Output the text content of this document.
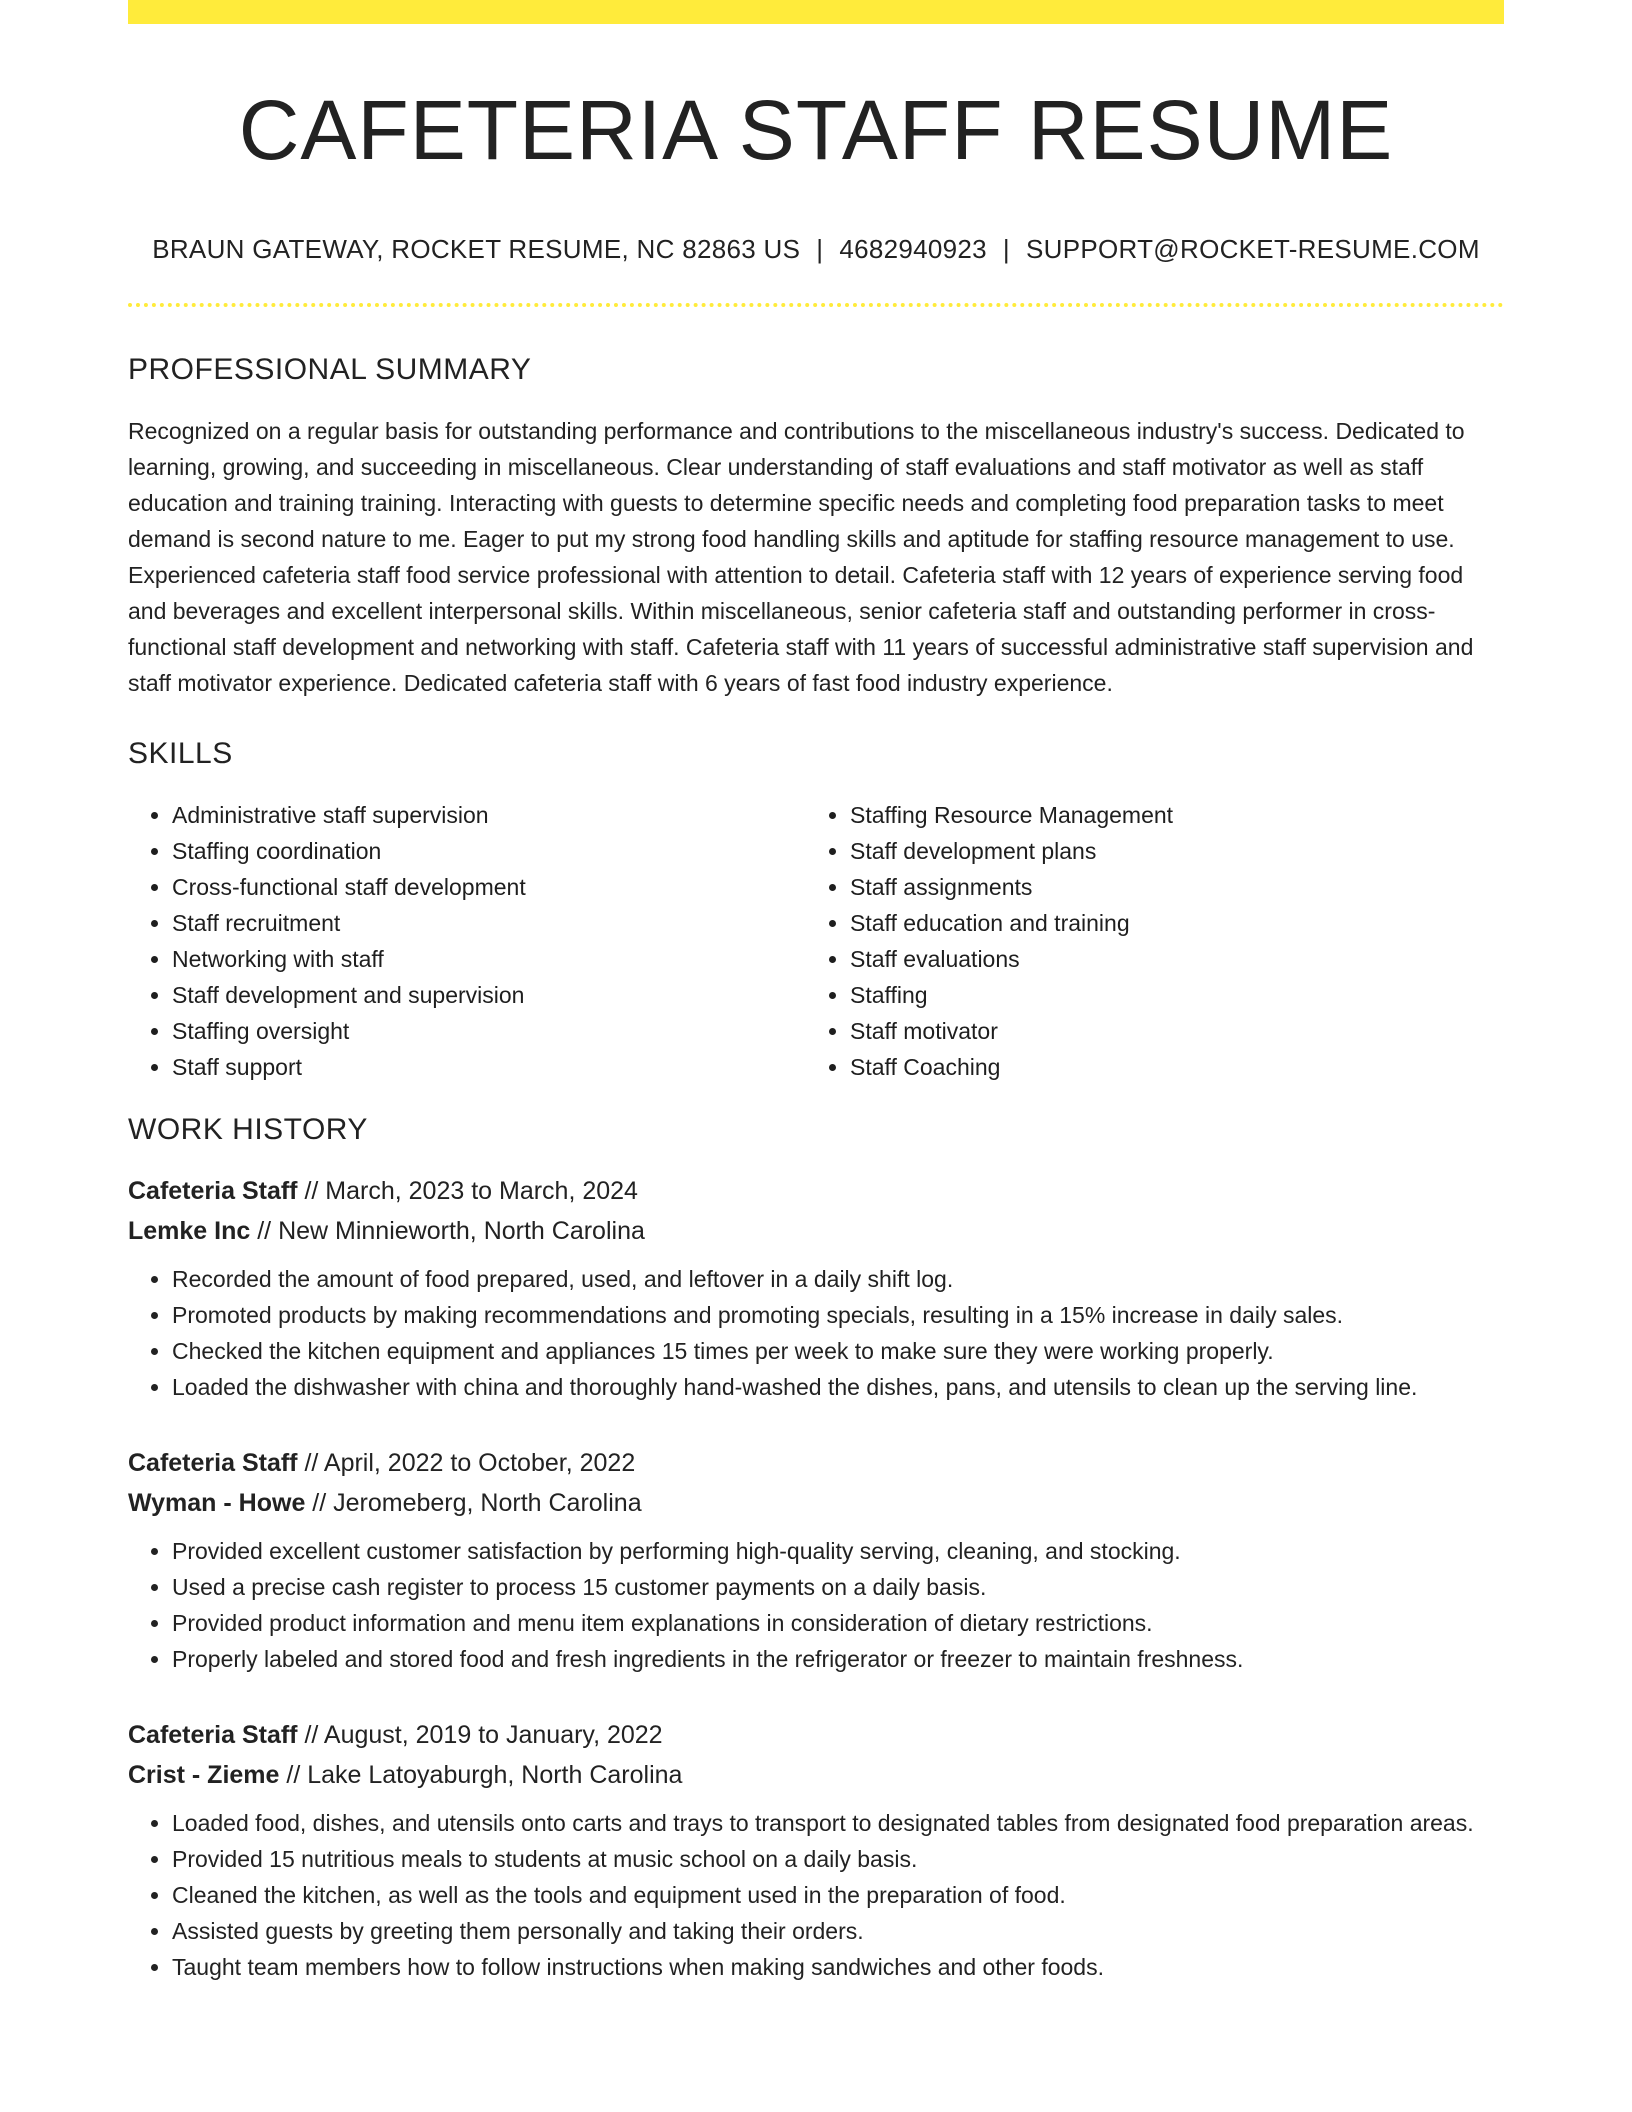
CAFETERIA STAFF RESUME
BRAUN GATEWAY, ROCKET RESUME, NC 82863 US | 4682940923 | SUPPORT@ROCKET-RESUME.COM
PROFESSIONAL SUMMARY

Recognized on a regular basis for outstanding performance and contributions to the miscellaneous industry's success. Dedicated to learning, growing, and succeeding in miscellaneous. Clear understanding of staff evaluations and staff motivator as well as staff education and training training. Interacting with guests to determine specific needs and completing food preparation tasks to meet demand is second nature to me. Eager to put my strong food handling skills and aptitude for staffing resource management to use. Experienced cafeteria staff food service professional with attention to detail. Cafeteria staff with 12 years of experience serving food and beverages and excellent interpersonal skills. Within miscellaneous, senior cafeteria staff and outstanding performer in cross-functional staff development and networking with staff. Cafeteria staff with 11 years of successful administrative staff supervision and staff motivator experience. Dedicated cafeteria staff with 6 years of fast food industry experience.

SKILLS
• Administrative staff supervision
• Staffing coordination
• Cross-functional staff development
• Staff recruitment
• Networking with staff
• Staff development and supervision
• Staffing oversight
• Staff support
• Staffing Resource Management
• Staff development plans
• Staff assignments
• Staff education and training
• Staff evaluations
• Staffing
• Staff motivator
• Staff Coaching
WORK HISTORY
Cafeteria Staff // March, 2023 to March, 2024
Lemke Inc // New Minnieworth, North Carolina
• Recorded the amount of food prepared, used, and leftover in a daily shift log.
• Promoted products by making recommendations and promoting specials, resulting in a 15% increase in daily sales.
• Checked the kitchen equipment and appliances 15 times per week to make sure they were working properly.
• Loaded the dishwasher with china and thoroughly hand-washed the dishes, pans, and utensils to clean up the serving line.
Cafeteria Staff // April, 2022 to October, 2022
Wyman - Howe // Jeromeberg, North Carolina
• Provided excellent customer satisfaction by performing high-quality serving, cleaning, and stocking.
• Used a precise cash register to process 15 customer payments on a daily basis.
• Provided product information and menu item explanations in consideration of dietary restrictions.
• Properly labeled and stored food and fresh ingredients in the refrigerator or freezer to maintain freshness.
Cafeteria Staff // August, 2019 to January, 2022
Crist - Zieme // Lake Latoyaburgh, North Carolina
• Loaded food, dishes, and utensils onto carts and trays to transport to designated tables from designated food preparation areas.
• Provided 15 nutritious meals to students at music school on a daily basis.
• Cleaned the kitchen, as well as the tools and equipment used in the preparation of food.
• Assisted guests by greeting them personally and taking their orders.
• Taught team members how to follow instructions when making sandwiches and other foods.
